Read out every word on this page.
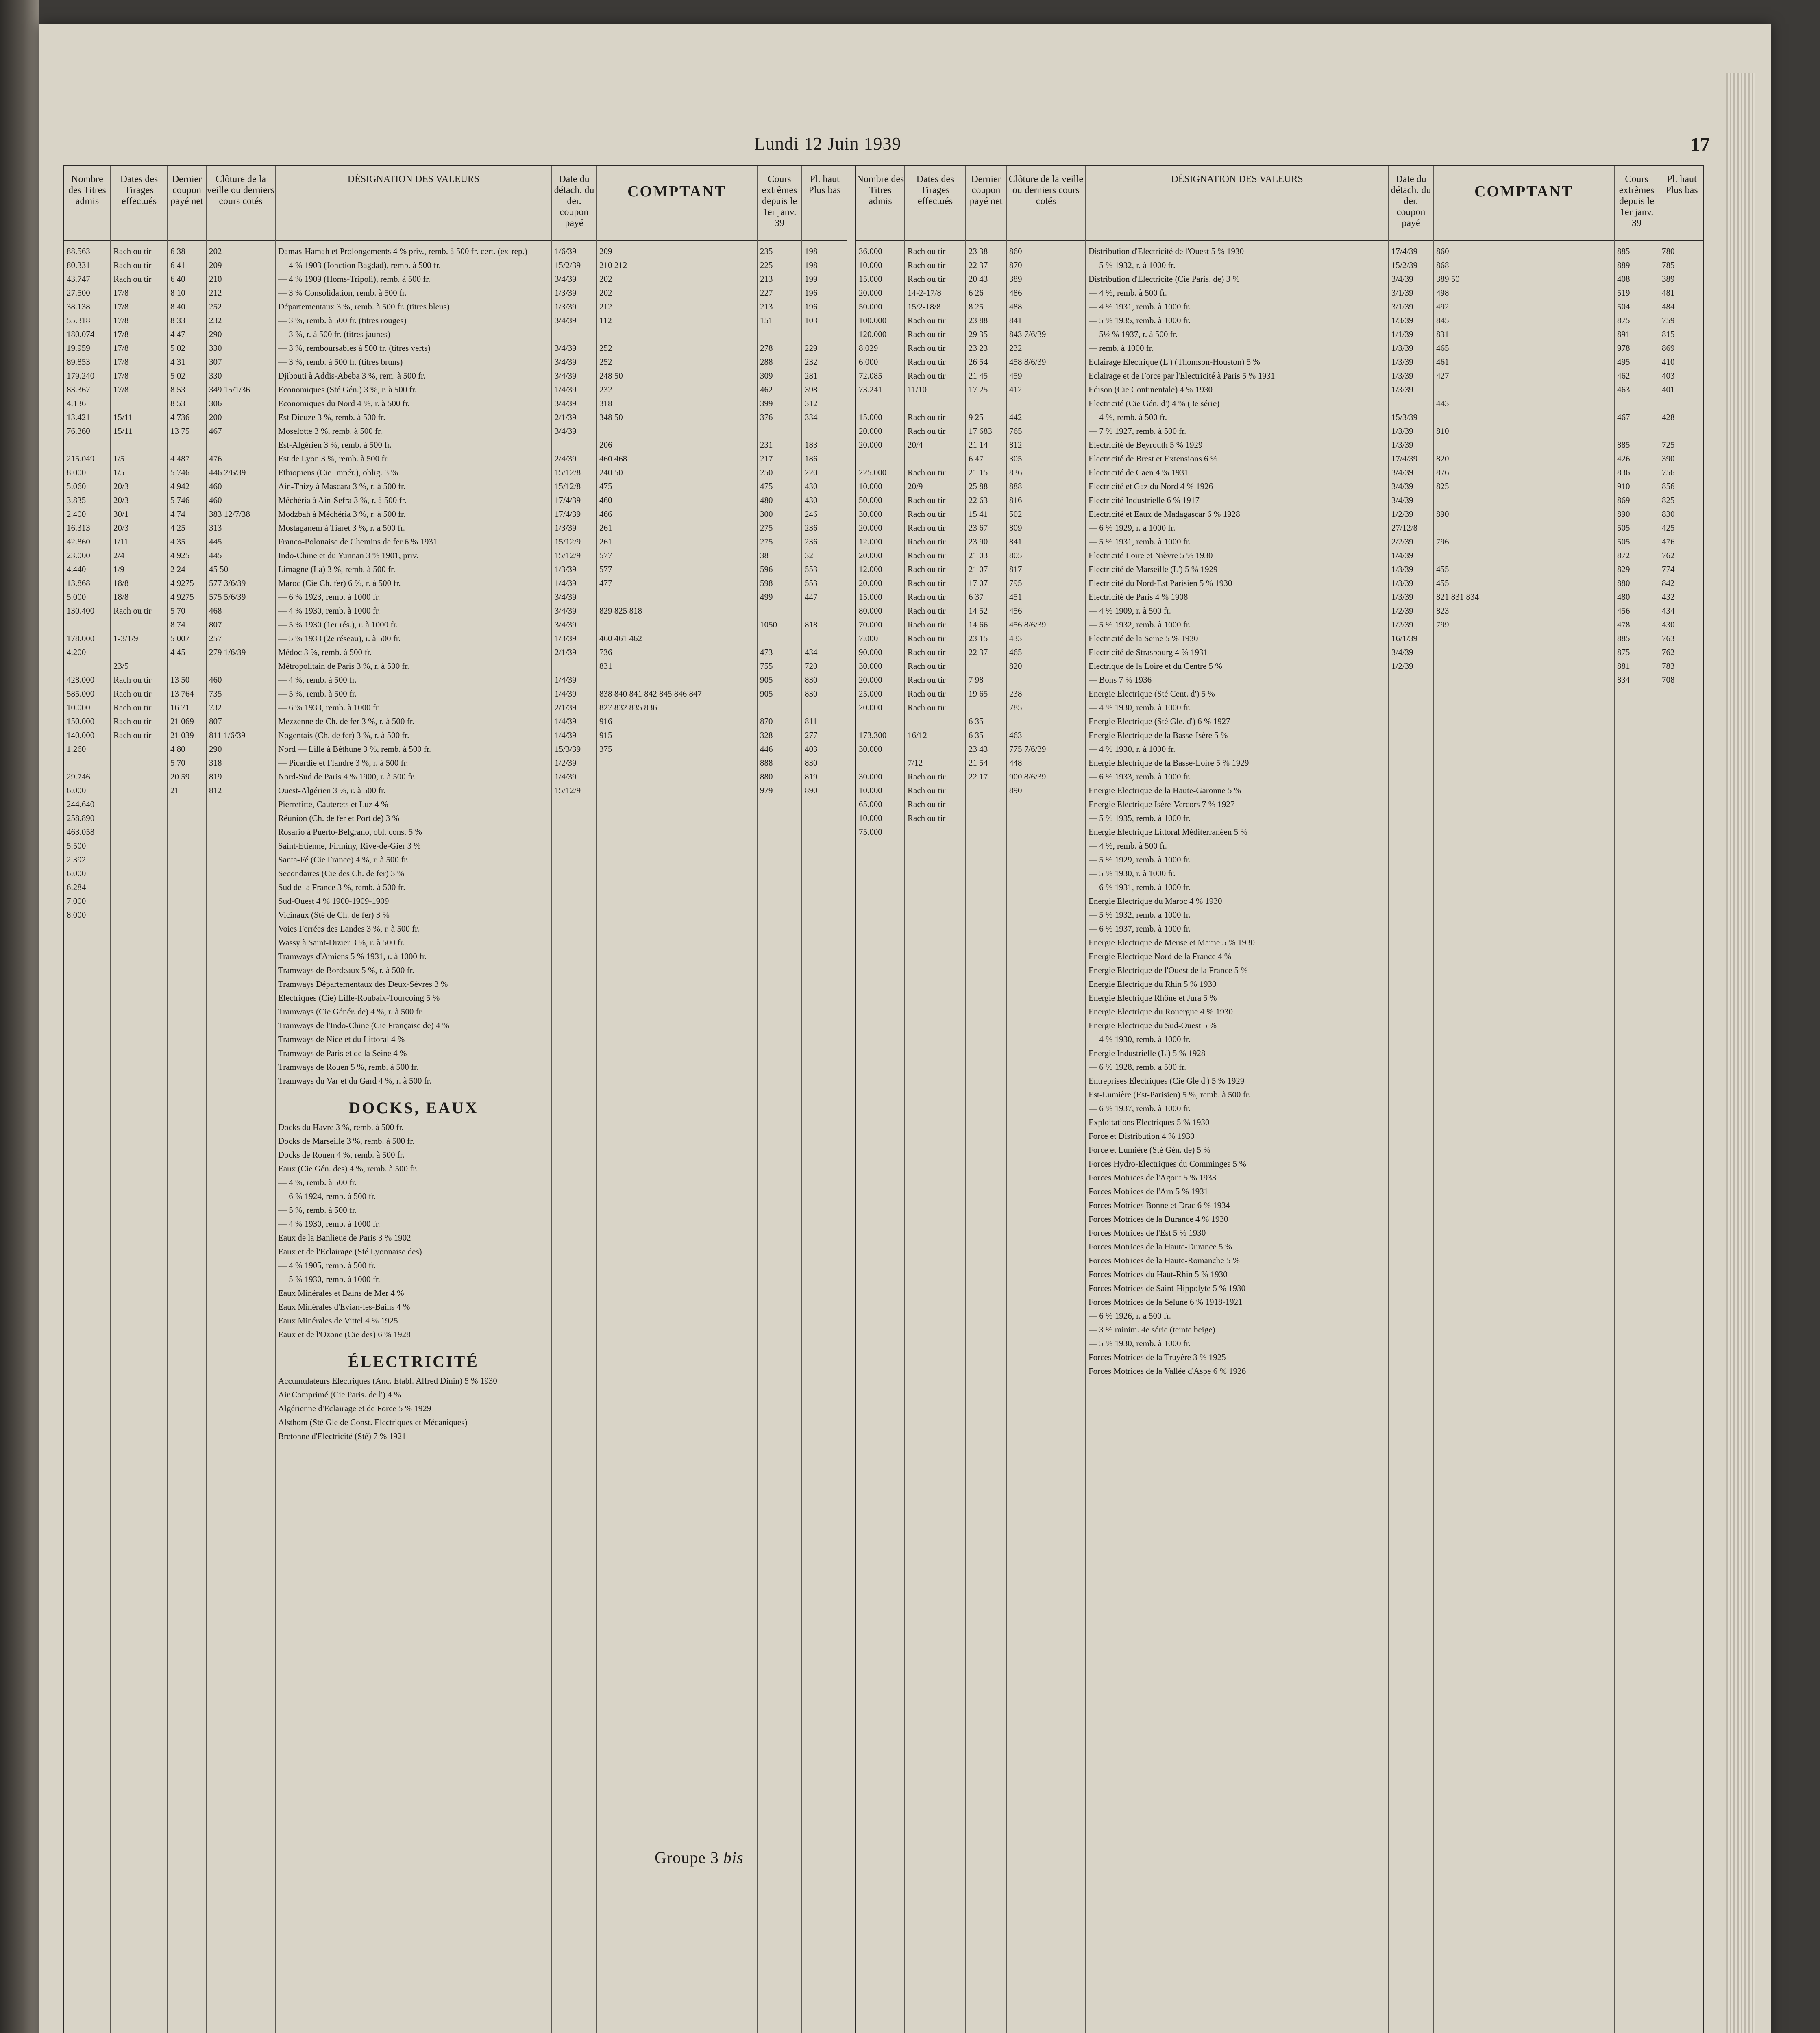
Lundi 12 Juin 1939	17
Nombre des Titres admis
88.563
80.331
43.747
27.500
38.138
55.318
180.074
19.959
89.853
179.240
83.367
4.136
13.421
76.360

215.049
8.000
5.060
3.835
2.400
16.313
42.860
23.000
4.440
13.868
5.000
130.400

178.000
4.200

428.000
585.000
10.000
150.000
140.000
1.260

29.746
6.000
244.640
258.890
463.058
5.500
2.392
6.000
6.284
7.000
8.000
Dates des Tirages effectués
Rach ou tir
Rach ou tir
Rach ou tir
17/8
17/8
17/8
17/8
17/8
17/8
17/8
17/8

15/11
15/11

1/5
1/5
20/3
20/3
30/1
20/3
1/11
2/4
1/9
18/8
18/8
Rach ou tir

1-3/1/9

23/5
Rach ou tir
Rach ou tir
Rach ou tir
Rach ou tir
Rach ou tir
Dernier coupon payé net
6 38
6 41
6 40
8 10
8 40
8 33
4 47
5 02
4 31
5 02
8 53
8 53
4 736
13 75

4 487
5 746
4 942
5 746
4 74
4 25
4 35
4 925
2 24
4 9275
4 9275
5 70
8 74
5 007
4 45

13 50
13 764
16 71
21 069
21 039
4 80
5 70
20 59
21
Clôture de la veille ou derniers cours cotés
202
209
210
212
252
232
290
330
307
330
349 15/1/36
306
200
467

476
446 2/6/39
460
460
383 12/7/38
313
445
445
45 50
577 3/6/39
575 5/6/39
468
807
257
279 1/6/39

460
735
732
807
811 1/6/39
290
318
819
812
DÉSIGNATION DES VALEURS
Damas-Hamah et Prolongements 4 % priv., remb. à 500 fr. cert. (ex-rep.)
— 4 % 1903 (Jonction Bagdad), remb. à 500 fr.
— 4 % 1909 (Homs-Tripoli), remb. à 500 fr.
— 3 % Consolidation, remb. à 500 fr.
Départementaux 3 %, remb. à 500 fr. (titres bleus)
— 3 %, remb. à 500 fr. (titres rouges)
— 3 %, r. à 500 fr. (titres jaunes)
— 3 %, remboursables à 500 fr. (titres verts)
— 3 %, remb. à 500 fr. (titres bruns)
Djibouti à Addis-Abeba 3 %, rem. à 500 fr.
Economiques (Sté Gén.) 3 %, r. à 500 fr.
Economiques du Nord 4 %, r. à 500 fr.
Est Dieuze 3 %, remb. à 500 fr.
Moselotte 3 %, remb. à 500 fr.
Est-Algérien 3 %, remb. à 500 fr.
Est de Lyon 3 %, remb. à 500 fr.
Ethiopiens (Cie Impér.), oblig. 3 %
Ain-Thizy à Mascara 3 %, r. à 500 fr.
Méchéria à Ain-Sefra 3 %, r. à 500 fr.
Modzbah à Méchéria 3 %, r. à 500 fr.
Mostaganem à Tiaret 3 %, r. à 500 fr.
Franco-Polonaise de Chemins de fer 6 % 1931
Indo-Chine et du Yunnan 3 % 1901, priv.
Limagne (La) 3 %, remb. à 500 fr.
Maroc (Cie Ch. fer) 6 %, r. à 500 fr.
— 6 % 1923, remb. à 1000 fr.
— 4 % 1930, remb. à 1000 fr.
— 5 % 1930 (1er rés.), r. à 1000 fr.
— 5 % 1933 (2e réseau), r. à 500 fr.
Médoc 3 %, remb. à 500 fr.
Métropolitain de Paris 3 %, r. à 500 fr.
— 4 %, remb. à 500 fr.
— 5 %, remb. à 500 fr.
— 6 % 1933, remb. à 1000 fr.
Mezzenne de Ch. de fer 3 %, r. à 500 fr.
Nogentais (Ch. de fer) 3 %, r. à 500 fr.
Nord — Lille à Béthune 3 %, remb. à 500 fr.
— Picardie et Flandre 3 %, r. à 500 fr.
Nord-Sud de Paris 4 % 1900, r. à 500 fr.
Ouest-Algérien 3 %, r. à 500 fr.
Pierrefitte, Cauterets et Luz 4 %
Réunion (Ch. de fer et Port de) 3 %
Rosario à Puerto-Belgrano, obl. cons. 5 %
Saint-Etienne, Firminy, Rive-de-Gier 3 %
Santa-Fé (Cie France) 4 %, r. à 500 fr.
Secondaires (Cie des Ch. de fer) 3 %
Sud de la France 3 %, remb. à 500 fr.
Sud-Ouest 4 % 1900-1909-1909
Vicinaux (Sté de Ch. de fer) 3 %
Voies Ferrées des Landes 3 %, r. à 500 fr.
Wassy à Saint-Dizier 3 %, r. à 500 fr.
Tramways d'Amiens 5 % 1931, r. à 1000 fr.
Tramways de Bordeaux 5 %, r. à 500 fr.
Tramways Départementaux des Deux-Sèvres 3 %
Electriques (Cie) Lille-Roubaix-Tourcoing 5 %
Tramways (Cie Génér. de) 4 %, r. à 500 fr.
Tramways de l'Indo-Chine (Cie Française de) 4 %
Tramways de Nice et du Littoral 4 %
Tramways de Paris et de la Seine 4 %
Tramways de Rouen 5 %, remb. à 500 fr.
Tramways du Var et du Gard 4 %, r. à 500 fr.
DOCKS, EAUX
Docks du Havre 3 %, remb. à 500 fr.
Docks de Marseille 3 %, remb. à 500 fr.
Docks de Rouen 4 %, remb. à 500 fr.
Eaux (Cie Gén. des) 4 %, remb. à 500 fr.
— 4 %, remb. à 500 fr.
— 6 % 1924, remb. à 500 fr.
— 5 %, remb. à 500 fr.
— 4 % 1930, remb. à 1000 fr.
Eaux de la Banlieue de Paris 3 % 1902
Eaux et de l'Eclairage (Sté Lyonnaise des)
— 4 % 1905, remb. à 500 fr.
— 5 % 1930, remb. à 1000 fr.
Eaux Minérales et Bains de Mer 4 %
Eaux Minérales d'Evian-les-Bains 4 %
Eaux Minérales de Vittel 4 % 1925
Eaux et de l'Ozone (Cie des) 6 % 1928
ÉLECTRICITÉ
Accumulateurs Electriques (Anc. Etabl. Alfred Dinin) 5 % 1930
Air Comprimé (Cie Paris. de l') 4 %
Algérienne d'Eclairage et de Force 5 % 1929
Alsthom (Sté Gle de Const. Electriques et Mécaniques)
Bretonne d'Electricité (Sté) 7 % 1921
Date du détach. du der. coupon payé
1/6/39
15/2/39
3/4/39
1/3/39
1/3/39
3/4/39

3/4/39
3/4/39
3/4/39
1/4/39
3/4/39
2/1/39
3/4/39

2/4/39
15/12/8
15/12/8
17/4/39
17/4/39
1/3/39
15/12/9
15/12/9
1/3/39
1/4/39
3/4/39
3/4/39
3/4/39
1/3/39
2/1/39

1/4/39
1/4/39
2/1/39
1/4/39
1/4/39
15/3/39
1/2/39
1/4/39
15/12/9
COMPTANT
209
210 212
202
202
212
112

252
252
248 50
232
318
348 50

206
460 468
240 50
475
460
466
261
261
577
577
477

829 825 818

460 461 462
736
831

838 840 841 842 845 846 847
827 832 835 836
916
915
375
Cours extrêmes depuis le 1er janv. 39
235
225
213
227
213
151

278
288
309
462
399
376

231
217
250
475
480
300
275
275
38
596
598
499

1050

473
755
905
905

870
328
446
888
880
979
Pl. haut
Plus bas
198
198
199
196
196
103

229
232
281
398
312
334

183
186
220
430
430
246
236
236
32
553
553
447

818

434
720
830
830

811
277
403
830
819
890
Nombre des Titres admis
36.000
10.000
15.000
20.000
50.000
100.000
120.000
8.029
6.000
72.085
73.241

15.000
20.000
20.000

225.000
10.000
50.000
30.000
20.000
12.000
20.000
12.000
20.000
15.000
80.000
70.000
7.000
90.000
30.000
20.000
25.000
20.000

173.300
30.000

30.000
10.000
65.000
10.000
75.000
Dates des Tirages effectués
Rach ou tir
Rach ou tir
Rach ou tir
14-2-17/8
15/2-18/8
Rach ou tir
Rach ou tir
Rach ou tir
Rach ou tir
Rach ou tir
11/10

Rach ou tir
Rach ou tir
20/4

Rach ou tir
20/9
Rach ou tir
Rach ou tir
Rach ou tir
Rach ou tir
Rach ou tir
Rach ou tir
Rach ou tir
Rach ou tir
Rach ou tir
Rach ou tir
Rach ou tir
Rach ou tir
Rach ou tir
Rach ou tir
Rach ou tir
Rach ou tir

16/12

7/12
Rach ou tir
Rach ou tir
Rach ou tir
Rach ou tir
Dernier coupon payé net
23 38
22 37
20 43
6 26
8 25
23 88
29 35
23 23
26 54
21 45
17 25

9 25
17 683
21 14
6 47
21 15
25 88
22 63
15 41
23 67
23 90
21 03
21 07
17 07
6 37
14 52
14 66
23 15
22 37

7 98
19 65

6 35
6 35
23 43
21 54
22 17
Clôture de la veille ou derniers cours cotés
860
870
389
486
488
841
843 7/6/39
232
458 8/6/39
459
412

442
765
812
305
836
888
816
502
809
841
805
817
795
451
456
456 8/6/39
433
465
820

238
785

463
775 7/6/39
448
900 8/6/39
890
DÉSIGNATION DES VALEURS
Distribution d'Electricité de l'Ouest 5 % 1930
— 5 % 1932, r. à 1000 fr.
Distribution d'Electricité (Cie Paris. de) 3 %
— 4 %, remb. à 500 fr.
— 4 % 1931, remb. à 1000 fr.
— 5 % 1935, remb. à 1000 fr.
— 5½ % 1937, r. à 500 fr.
— remb. à 1000 fr.
Eclairage Electrique (L') (Thomson-Houston) 5 %
Eclairage et de Force par l'Electricité à Paris 5 % 1931
Edison (Cie Continentale) 4 % 1930
Electricité (Cie Gén. d') 4 % (3e série)
— 4 %, remb. à 500 fr.
— 7 % 1927, remb. à 500 fr.
Electricité de Beyrouth 5 % 1929
Electricité de Brest et Extensions 6 %
Electricité de Caen 4 % 1931
Electricité et Gaz du Nord 4 % 1926
Electricité Industrielle 6 % 1917
Electricité et Eaux de Madagascar 6 % 1928
— 6 % 1929, r. à 1000 fr.
— 5 % 1931, remb. à 1000 fr.
Electricité Loire et Nièvre 5 % 1930
Electricité de Marseille (L') 5 % 1929
Electricité du Nord-Est Parisien 5 % 1930
Electricité de Paris 4 % 1908
— 4 % 1909, r. à 500 fr.
— 5 % 1932, remb. à 1000 fr.
Electricité de la Seine 5 % 1930
Electricité de Strasbourg 4 % 1931
Electrique de la Loire et du Centre 5 %
— Bons 7 % 1936
Energie Electrique (Sté Cent. d') 5 %
— 4 % 1930, remb. à 1000 fr.
Energie Electrique (Sté Gle. d') 6 % 1927
Energie Electrique de la Basse-Isère 5 %
— 4 % 1930, r. à 1000 fr.
Energie Electrique de la Basse-Loire 5 % 1929
— 6 % 1933, remb. à 1000 fr.
Energie Electrique de la Haute-Garonne 5 %
Energie Electrique Isère-Vercors 7 % 1927
— 5 % 1935, remb. à 1000 fr.
Energie Electrique Littoral Méditerranéen 5 %
— 4 %, remb. à 500 fr.
— 5 % 1929, remb. à 1000 fr.
— 5 % 1930, r. à 1000 fr.
— 6 % 1931, remb. à 1000 fr.
Energie Electrique du Maroc 4 % 1930
— 5 % 1932, remb. à 1000 fr.
— 6 % 1937, remb. à 1000 fr.
Energie Electrique de Meuse et Marne 5 % 1930
Energie Electrique Nord de la France 4 %
Energie Electrique de l'Ouest de la France 5 %
Energie Electrique du Rhin 5 % 1930
Energie Electrique Rhône et Jura 5 %
Energie Electrique du Rouergue 4 % 1930
Energie Electrique du Sud-Ouest 5 %
— 4 % 1930, remb. à 1000 fr.
Energie Industrielle (L') 5 % 1928
— 6 % 1928, remb. à 500 fr.
Entreprises Electriques (Cie Gle d') 5 % 1929
Est-Lumière (Est-Parisien) 5 %, remb. à 500 fr.
— 6 % 1937, remb. à 1000 fr.
Exploitations Electriques 5 % 1930
Force et Distribution 4 % 1930
Force et Lumière (Sté Gén. de) 5 %
Forces Hydro-Electriques du Comminges 5 %
Forces Motrices de l'Agout 5 % 1933
Forces Motrices de l'Arn 5 % 1931
Forces Motrices Bonne et Drac 6 % 1934
Forces Motrices de la Durance 4 % 1930
Forces Motrices de l'Est 5 % 1930
Forces Motrices de la Haute-Durance 5 %
Forces Motrices de la Haute-Romanche 5 %
Forces Motrices du Haut-Rhin 5 % 1930
Forces Motrices de Saint-Hippolyte 5 % 1930
Forces Motrices de la Sélune 6 % 1918-1921
— 6 % 1926, r. à 500 fr.
— 3 % minim. 4e série (teinte beige)
— 5 % 1930, remb. à 1000 fr.
Forces Motrices de la Truyère 3 % 1925
Forces Motrices de la Vallée d'Aspe 6 % 1926
Date du détach. du der. coupon payé
17/4/39
15/2/39
3/4/39
3/1/39
3/1/39
1/3/39
1/1/39
1/3/39
1/3/39
1/3/39
1/3/39

15/3/39
1/3/39
1/3/39
17/4/39
3/4/39
3/4/39
3/4/39
1/2/39
27/12/8
2/2/39
1/4/39
1/3/39
1/3/39
1/3/39
1/2/39
1/2/39
16/1/39
3/4/39
1/2/39
COMPTANT
860
868
389 50
498
492
845
831
465
461
427

443

810

820
876
825

890

796

455
455
821 831 834
823
799
Cours extrêmes depuis le 1er janv. 39
885
889
408
519
504
875
891
978
495
462
463

467

885
426
836
910
869
890
505
505
872
829
880
480
456
478
885
875
881
834
Pl. haut
Plus bas
780
785
389
481
484
759
815
869
410
403
401

428

725
390
756
856
825
830
425
476
762
774
842
432
434
430
763
762
783
708
Groupe 3 bis
